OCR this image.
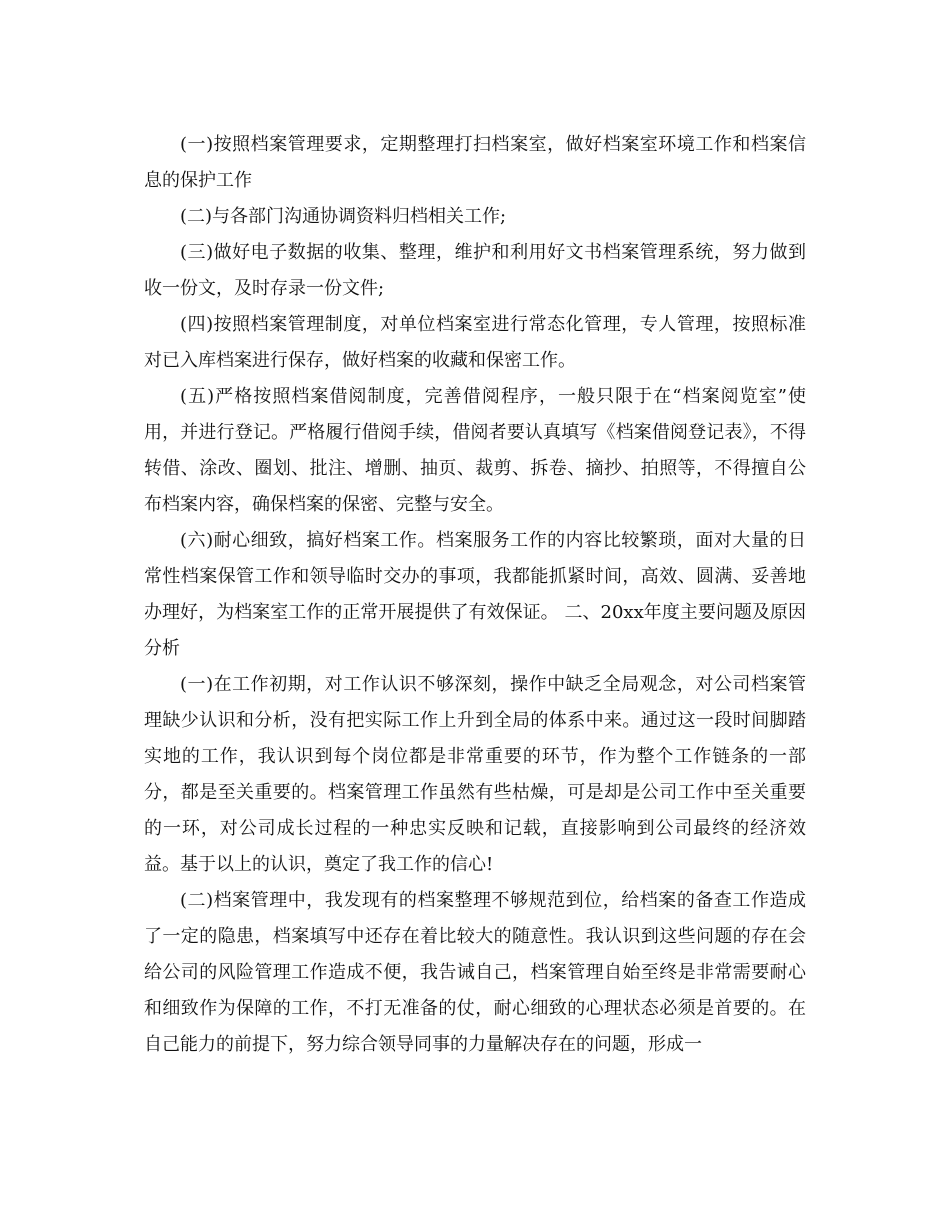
(一)按照档案管理要求，定期整理打扫档案室，做好档案室环境工作和档案信息的保护工作

(二)与各部门沟通协调资料归档相关工作;

(三)做好电子数据的收集、整理，维护和利用好文书档案管理系统，努力做到收一份文，及时存录一份文件;

(四)按照档案管理制度，对单位档案室进行常态化管理，专人管理，按照标准对已入库档案进行保存，做好档案的收藏和保密工作。

(五)严格按照档案借阅制度，完善借阅程序，一般只限于在“档案阅览室”使用，并进行登记。严格履行借阅手续，借阅者要认真填写《档案借阅登记表》，不得转借、涂改、圈划、批注、增删、抽页、裁剪、拆卷、摘抄、拍照等，不得擅自公布档案内容，确保档案的保密、完整与安全。

(六)耐心细致，搞好档案工作。档案服务工作的内容比较繁琐，面对大量的日常性档案保管工作和领导临时交办的事项，我都能抓紧时间，高效、圆满、妥善地办理好，为档案室工作的正常开展提供了有效保证。 二、20xx年度主要问题及原因分析

(一)在工作初期，对工作认识不够深刻，操作中缺乏全局观念，对公司档案管理缺少认识和分析，没有把实际工作上升到全局的体系中来。通过这一段时间脚踏实地的工作，我认识到每个岗位都是非常重要的环节，作为整个工作链条的一部分，都是至关重要的。档案管理工作虽然有些枯燥，可是却是公司工作中至关重要的一环，对公司成长过程的一种忠实反映和记载，直接影响到公司最终的经济效益。基于以上的认识，奠定了我工作的信心!

(二)档案管理中，我发现有的档案整理不够规范到位，给档案的备查工作造成了一定的隐患，档案填写中还存在着比较大的随意性。我认识到这些问题的存在会给公司的风险管理工作造成不便，我告诫自己，档案管理自始至终是非常需要耐心和细致作为保障的工作，不打无准备的仗，耐心细致的心理状态必须是首要的。在自己能力的前提下，努力综合领导同事的力量解决存在的问题，形成一
